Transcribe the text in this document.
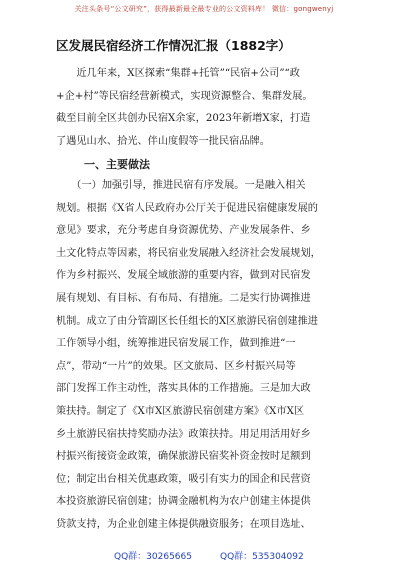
关注头条号“公文研究”，获得最新最全最专业的公文资料库！ 微信：gongwenyj
区发展民宿经济工作情况汇报（1882字）
　　近几年来，X区探索“集群+托管”“民宿+公司”“政
+企+村”等民宿经营新模式，实现资源整合、集群发展。
截至目前全区共创办民宿X余家，2023年新增X家，打造
了遇见山水、拾光、伴山度假等一批民宿品牌。
一、主要做法
　　（一）加强引导，推进民宿有序发展。一是融入相关
规划。根据《X省人民政府办公厅关于促进民宿健康发展的
意见》要求，充分考虑自身资源优势、产业发展条件、乡
土文化特点等因素，将民宿业发展融入经济社会发展规划，
作为乡村振兴、发展全域旅游的重要内容，做到对民宿发
展有规划、有目标、有布局、有措施。二是实行协调推进
机制。成立了由分管副区长任组长的X区旅游民宿创建推进
工作领导小组，统筹推进民宿发展工作，做到推进“一
点”，带动“一片”的效果。区文旅局、区乡村振兴局等
部门发挥工作主动性，落实具体的工作措施。三是加大政
策扶持。制定了《X市X区旅游民宿创建方案》《X市X区
乡土旅游民宿扶持奖励办法》政策扶持。用足用活用好乡
村振兴衔接资金政策，确保旅游民宿奖补资金按时足额到
位；制定出台相关优惠政策，吸引有实力的国企和民营资
本投资旅游民宿创建；协调金融机构为农户创建主体提供
贷款支持，为企业创建主体提供融资服务；在项目选址、
QQ群：30265665	QQ群：535304092
